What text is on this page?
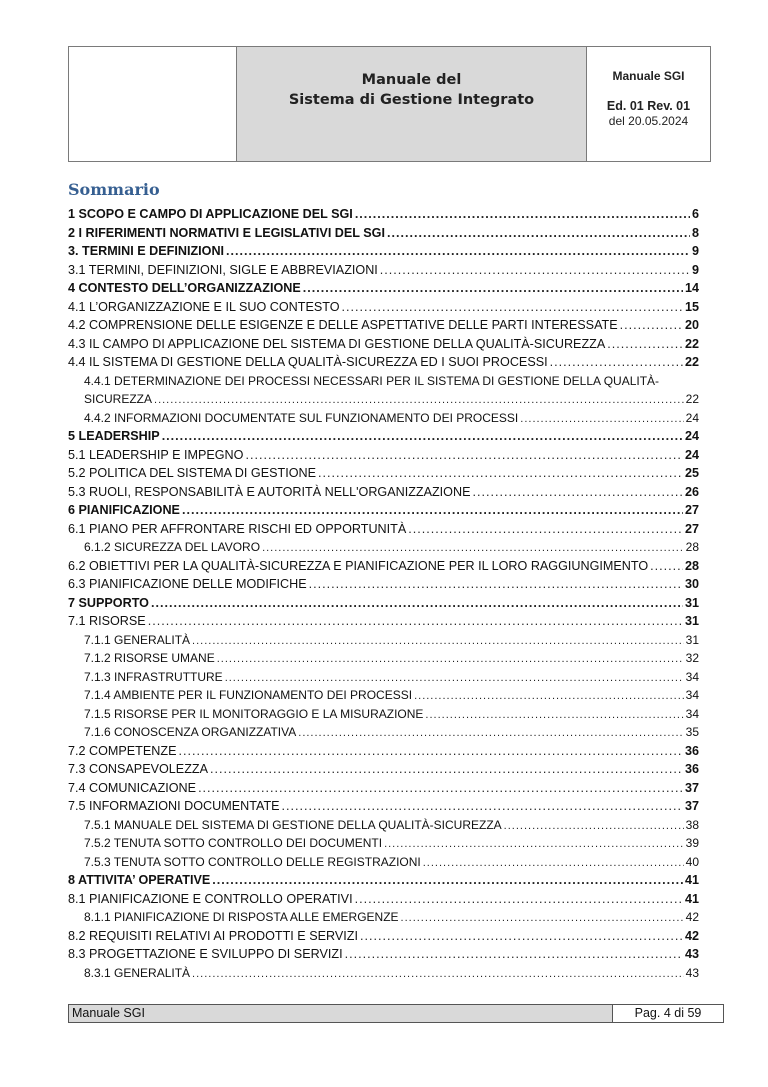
Manuale del
Sistema di Gestione Integrato
Manuale SGI
Ed. 01 Rev. 01
del 20.05.2024
Sommario
1 SCOPO E CAMPO DI APPLICAZIONE DEL SGI .....	6
2 I RIFERIMENTI NORMATIVI E LEGISLATIVI DEL SGI .....	8
3. TERMINI E DEFINIZIONI .....	9
3.1 TERMINI, DEFINIZIONI, SIGLE E ABBREVIAZIONI .....	9
4 CONTESTO DELL’ORGANIZZAZIONE .....	14
4.1 L’ORGANIZZAZIONE E IL SUO CONTESTO .....	15
4.2 COMPRENSIONE DELLE ESIGENZE E DELLE ASPETTATIVE DELLE PARTI INTERESSATE .....	20
4.3 IL CAMPO DI APPLICAZIONE DEL SISTEMA DI GESTIONE DELLA QUALITÀ-SICUREZZA .....	22
4.4 IL SISTEMA DI GESTIONE DELLA QUALITÀ-SICUREZZA ED I SUOI PROCESSI .....	22
4.4.1 DETERMINAZIONE DEI PROCESSI NECESSARI PER IL SISTEMA DI GESTIONE DELLA QUALITÀ-
SICUREZZA .....	22
4.4.2 INFORMAZIONI DOCUMENTATE SUL FUNZIONAMENTO DEI PROCESSI .....	24
5 LEADERSHIP .....	24
5.1 LEADERSHIP E IMPEGNO .....	24
5.2 POLITICA DEL SISTEMA DI GESTIONE .....	25
5.3 RUOLI, RESPONSABILITÀ E AUTORITÀ NELL'ORGANIZZAZIONE .....	26
6 PIANIFICAZIONE .....	27
6.1 PIANO PER AFFRONTARE RISCHI ED OPPORTUNITÀ .....	27
6.1.2 SICUREZZA DEL LAVORO .....	28
6.2 OBIETTIVI PER LA QUALITÀ-SICUREZZA E PIANIFICAZIONE PER IL LORO RAGGIUNGIMENTO .....	28
6.3 PIANIFICAZIONE DELLE MODIFICHE .....	30
7 SUPPORTO .....	31
7.1 RISORSE .....	31
7.1.1 GENERALITÀ .....	31
7.1.2 RISORSE UMANE .....	32
7.1.3 INFRASTRUTTURE .....	34
7.1.4 AMBIENTE PER IL FUNZIONAMENTO DEI PROCESSI .....	34
7.1.5 RISORSE PER IL MONITORAGGIO E LA MISURAZIONE .....	34
7.1.6 CONOSCENZA ORGANIZZATIVA .....	35
7.2 COMPETENZE .....	36
7.3 CONSAPEVOLEZZA .....	36
7.4 COMUNICAZIONE .....	37
7.5 INFORMAZIONI DOCUMENTATE .....	37
7.5.1 MANUALE DEL SISTEMA DI GESTIONE DELLA QUALITÀ-SICUREZZA .....	38
7.5.2 TENUTA SOTTO CONTROLLO DEI DOCUMENTI .....	39
7.5.3 TENUTA SOTTO CONTROLLO DELLE REGISTRAZIONI .....	40
8 ATTIVITA’ OPERATIVE .....	41
8.1 PIANIFICAZIONE E CONTROLLO OPERATIVI .....	41
8.1.1 PIANIFICAZIONE DI RISPOSTA ALLE EMERGENZE .....	42
8.2 REQUISITI RELATIVI AI PRODOTTI E SERVIZI .....	42
8.3 PROGETTAZIONE E SVILUPPO DI SERVIZI .....	43
8.3.1 GENERALITÀ .....	43
Manuale SGI	Pag. 4 di 59
